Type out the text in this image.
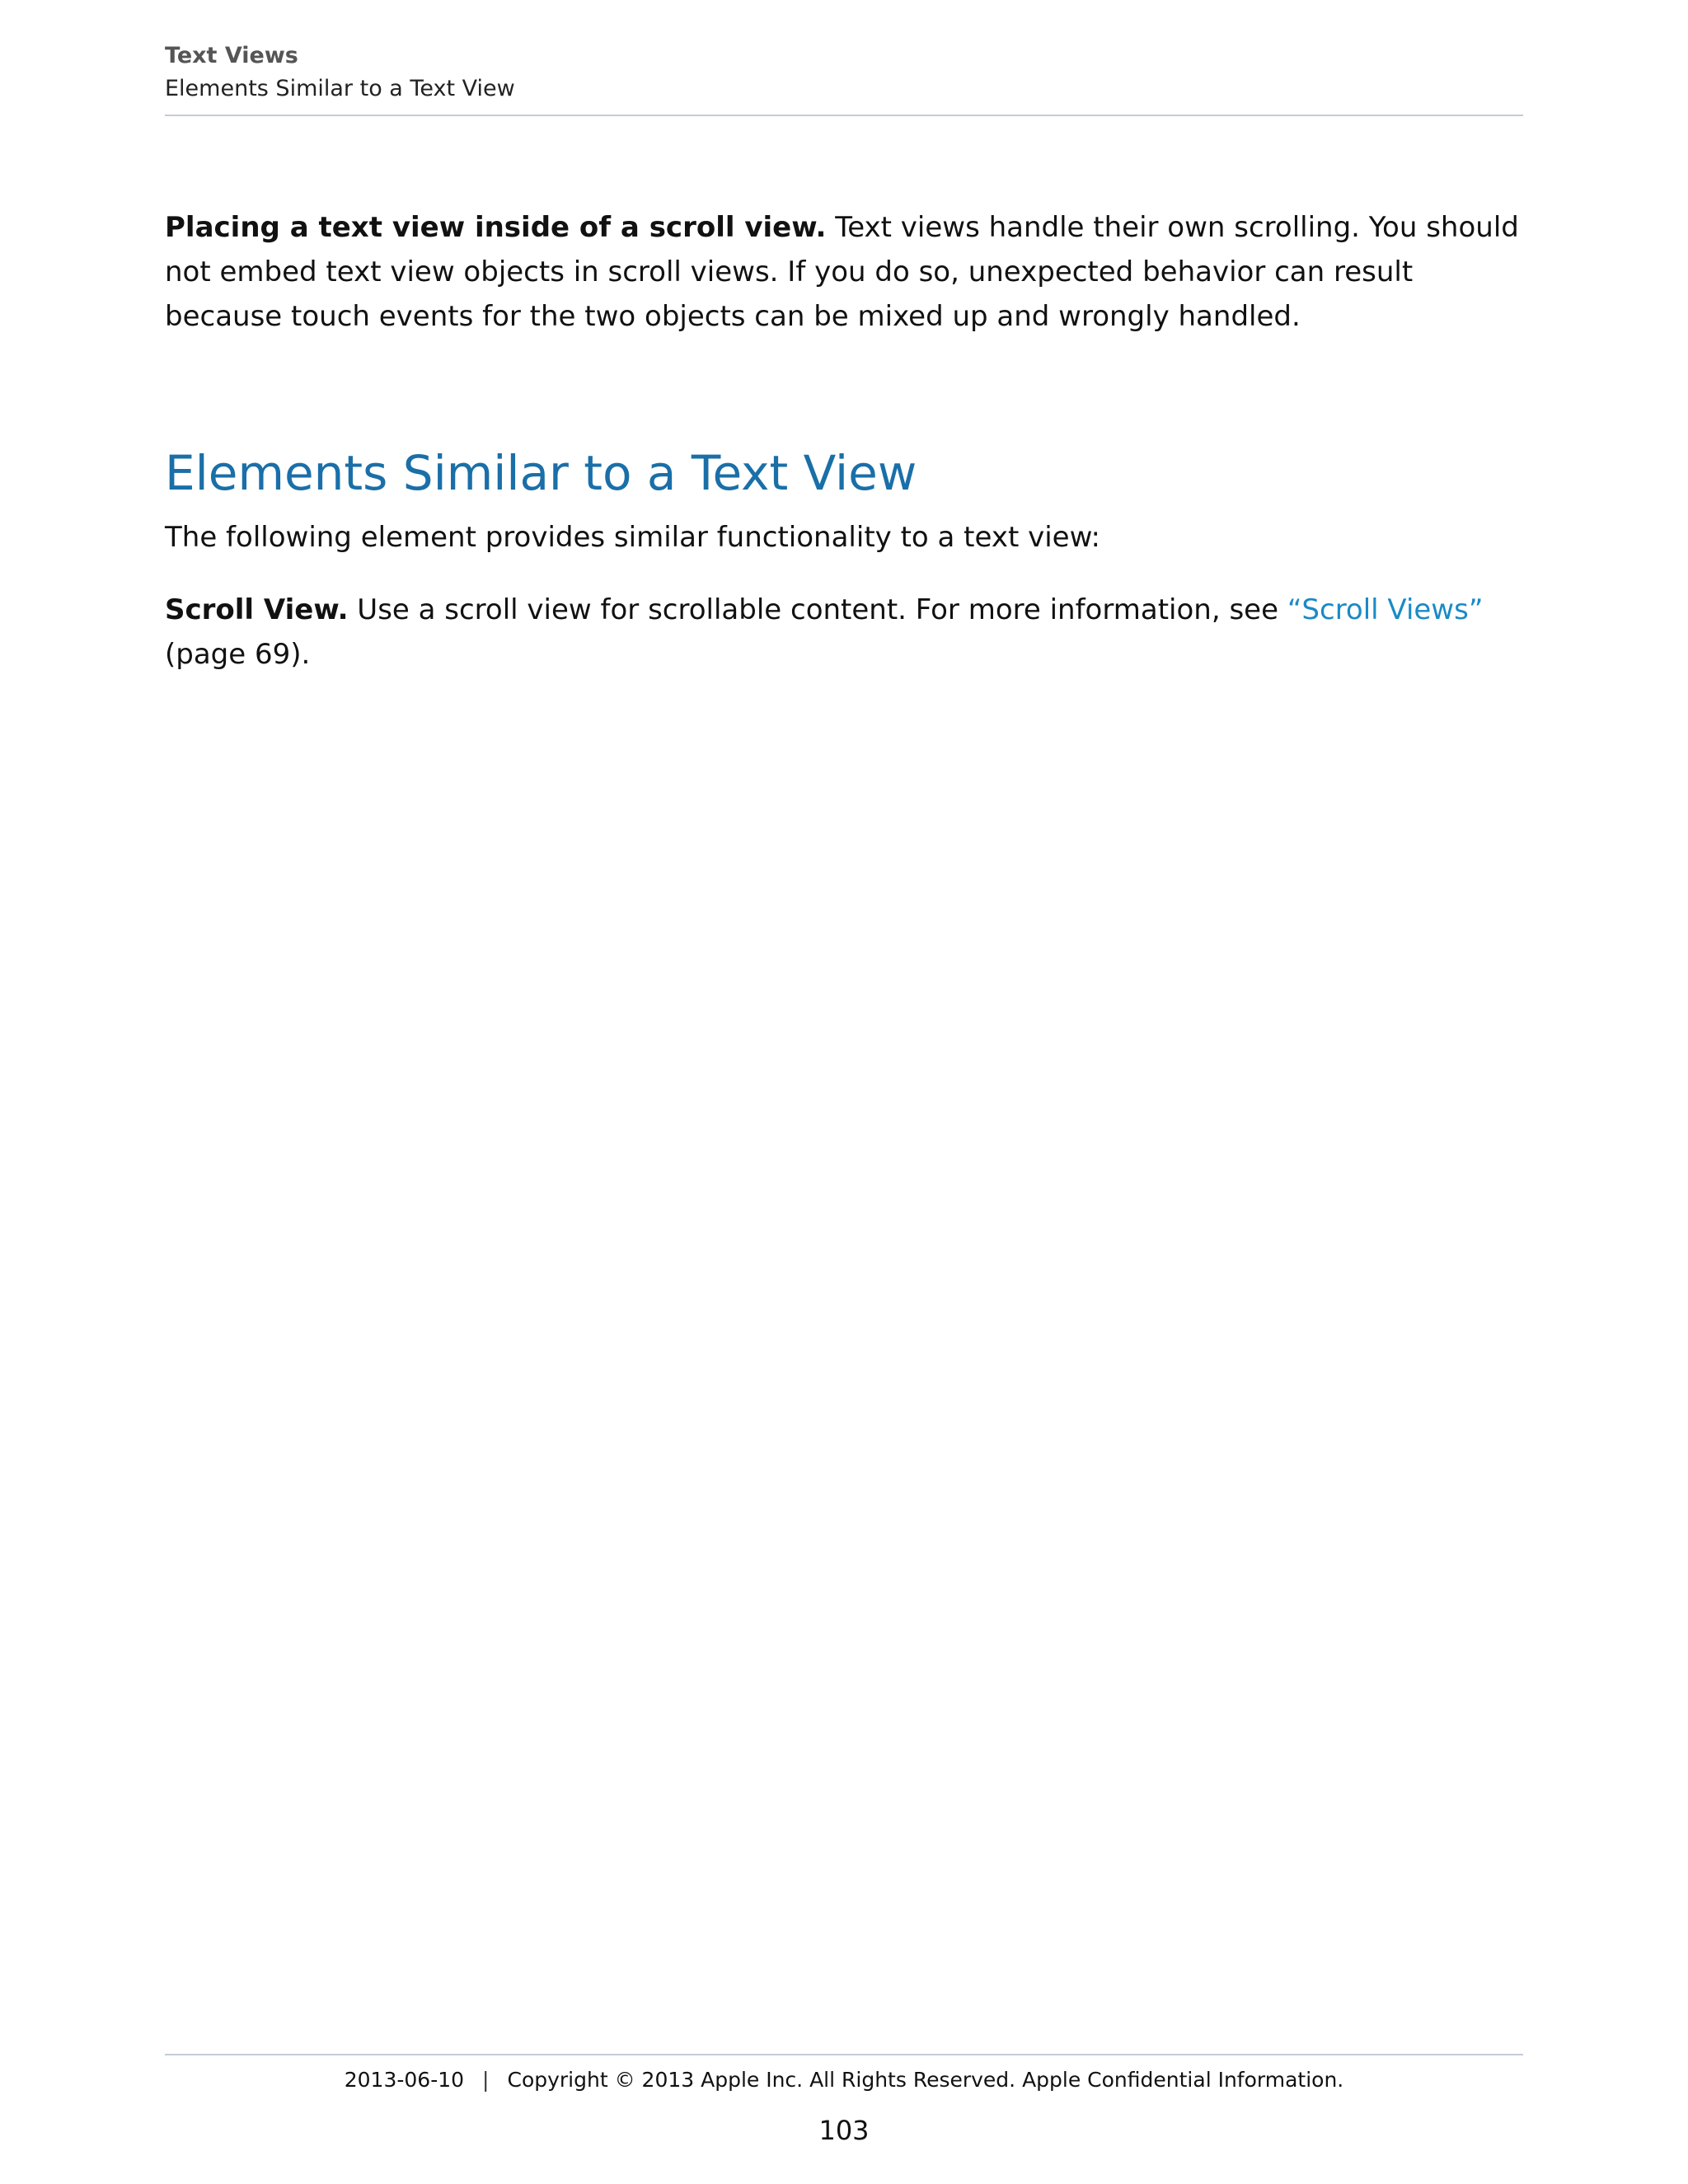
Text Views
Elements Similar to a Text View

Placing a text view inside of a scroll view. Text views handle their own scrolling. You should not embed text view objects in scroll views. If you do so, unexpected behavior can result because touch events for the two objects can be mixed up and wrongly handled.

Elements Similar to a Text View

The following element provides similar functionality to a text view:

Scroll View. Use a scroll view for scrollable content. For more information, see “Scroll Views” (page 69).

2013-06-10 | Copyright © 2013 Apple Inc. All Rights Reserved. Apple Confidential Information.
103
